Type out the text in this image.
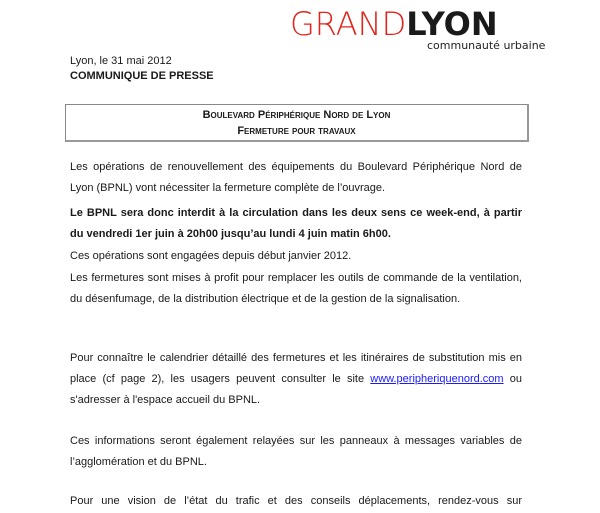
GRANDLYON
communauté urbaine
Lyon, le 31 mai 2012
COMMUNIQUE DE PRESSE
Boulevard Périphérique Nord de Lyon
Fermeture pour travaux
Les opérations de renouvellement des équipements du Boulevard Périphérique Nord de Lyon (BPNL) vont nécessiter la fermeture complète de l’ouvrage.
Le BPNL sera donc interdit à la circulation dans les deux sens ce week-end, à partir du vendredi 1er juin à 20h00 jusqu’au lundi 4 juin matin 6h00.
Ces opérations sont engagées depuis début janvier 2012.
Les fermetures sont mises à profit pour remplacer les outils de commande de la ventilation, du désenfumage, de la distribution électrique et de la gestion de la signalisation.
Pour connaître le calendrier détaillé des fermetures et les itinéraires de substitution mis en place (cf page 2), les usagers peuvent consulter le site www.peripheriquenord.com ou s'adresser à l'espace accueil du BPNL.
Ces informations seront également relayées sur les panneaux à messages variables de l’agglomération et du BPNL.
Pour une vision de l’état du trafic et des conseils déplacements, rendez-vous sur
